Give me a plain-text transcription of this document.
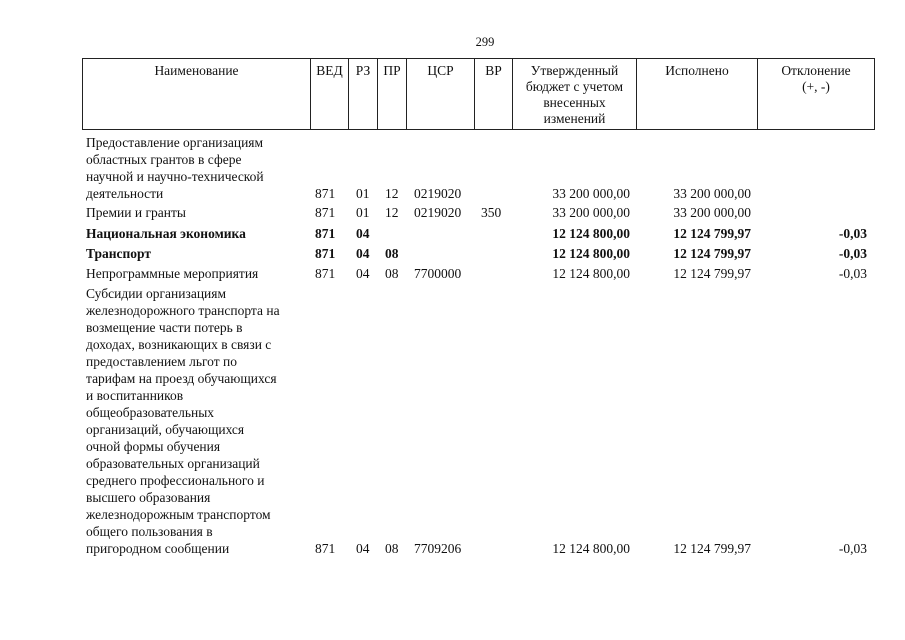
299
Наименование	ВЕД РЗ ПР	ЦСР	ВР	Утвержденный
бюджет с учетом
внесенных
изменений
Исполнено	Отклонение
(+, -)
Предоставление организациям
областных грантов в сфере
научной и научно-технической
деятельности	871 01 12 0219020	33 200 000,00	33 200 000,00
Премии и гранты	871 01 12 0219020 350	33 200 000,00	33 200 000,00
Национальная экономика	871 04	12 124 800,00	12 124 799,97	-0,03
Транспорт	871 04 08	12 124 800,00	12 124 799,97	-0,03
Непрограммные мероприятия	871 04 08 7700000	12 124 800,00	12 124 799,97	-0,03
Субсидии организациям
железнодорожного транспорта на
возмещение части потерь в
доходах, возникающих в связи с
предоставлением льгот по
тарифам на проезд обучающихся
и воспитанников
общеобразовательных
организаций, обучающихся
очной формы обучения
образовательных организаций
среднего профессионального и
высшего образования
железнодорожным транспортом
общего пользования в
пригородном сообщении	871 04 08 7709206	12 124 800,00	12 124 799,97	-0,03
